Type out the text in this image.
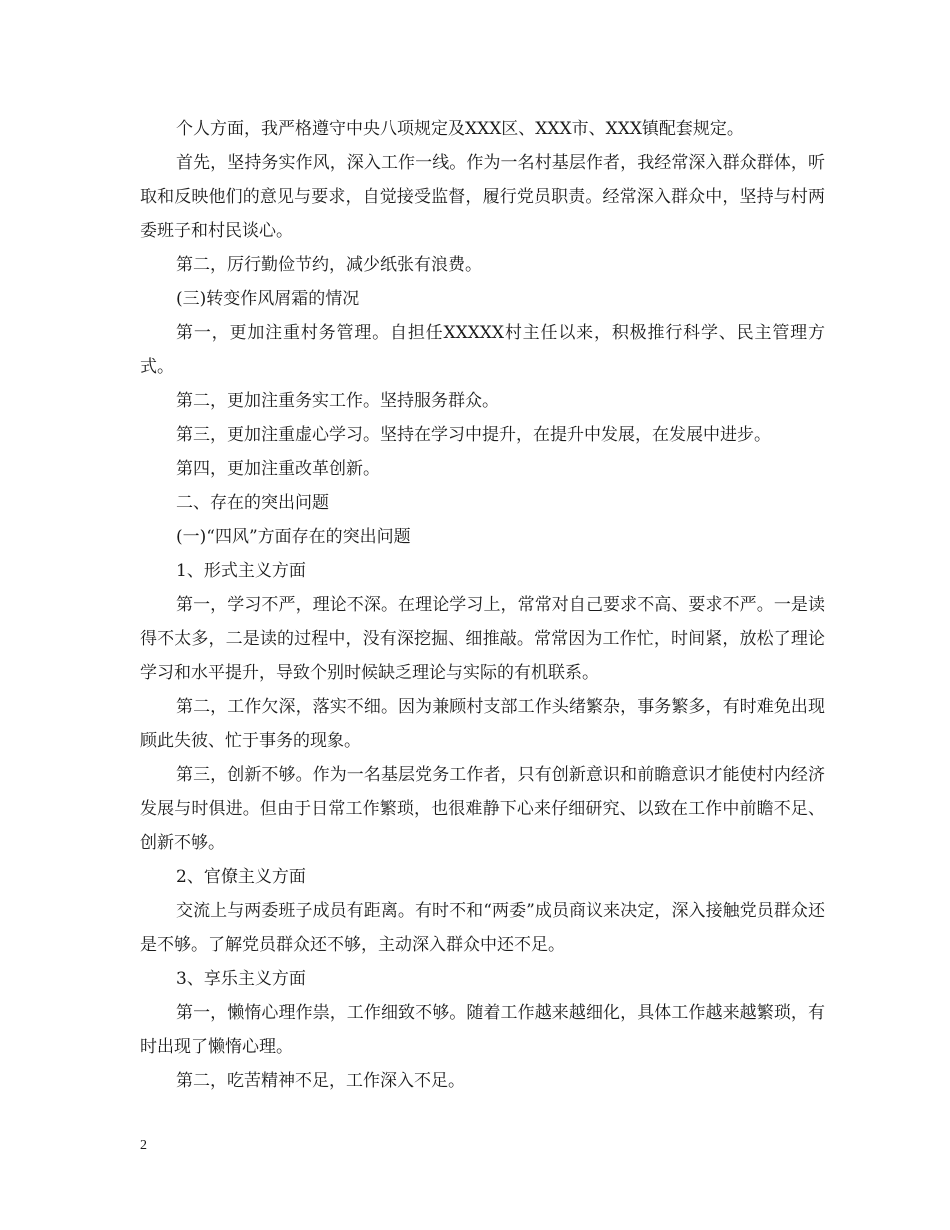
个人方面，我严格遵守中央八项规定及XXX区、XXX市、XXX镇配套规定。

首先，坚持务实作风，深入工作一线。作为一名村基层作者，我经常深入群众群体，听取和反映他们的意见与要求，自觉接受监督，履行党员职责。经常深入群众中，坚持与村两委班子和村民谈心。

第二，厉行勤俭节约，减少纸张有浪费。

(三)转变作风屑霜的情况

第一，更加注重村务管理。自担任XXXXX村主任以来，积极推行科学、民主管理方式。

第二，更加注重务实工作。坚持服务群众。

第三，更加注重虚心学习。坚持在学习中提升，在提升中发展，在发展中进步。

第四，更加注重改革创新。

二、存在的突出问题

(一)“四风”方面存在的突出问题

1、形式主义方面

第一，学习不严，理论不深。在理论学习上，常常对自己要求不高、要求不严。一是读得不太多，二是读的过程中，没有深挖掘、细推敲。常常因为工作忙，时间紧，放松了理论学习和水平提升，导致个别时候缺乏理论与实际的有机联系。

第二，工作欠深，落实不细。因为兼顾村支部工作头绪繁杂，事务繁多，有时难免出现顾此失彼、忙于事务的现象。

第三，创新不够。作为一名基层党务工作者，只有创新意识和前瞻意识才能使村内经济发展与时俱进。但由于日常工作繁琐，也很难静下心来仔细研究、以致在工作中前瞻不足、创新不够。

2、官僚主义方面

交流上与两委班子成员有距离。有时不和“两委”成员商议来决定，深入接触党员群众还是不够。了解党员群众还不够，主动深入群众中还不足。

3、享乐主义方面

第一，懒惰心理作祟，工作细致不够。随着工作越来越细化，具体工作越来越繁琐，有时出现了懒惰心理。

第二，吃苦精神不足，工作深入不足。

2
